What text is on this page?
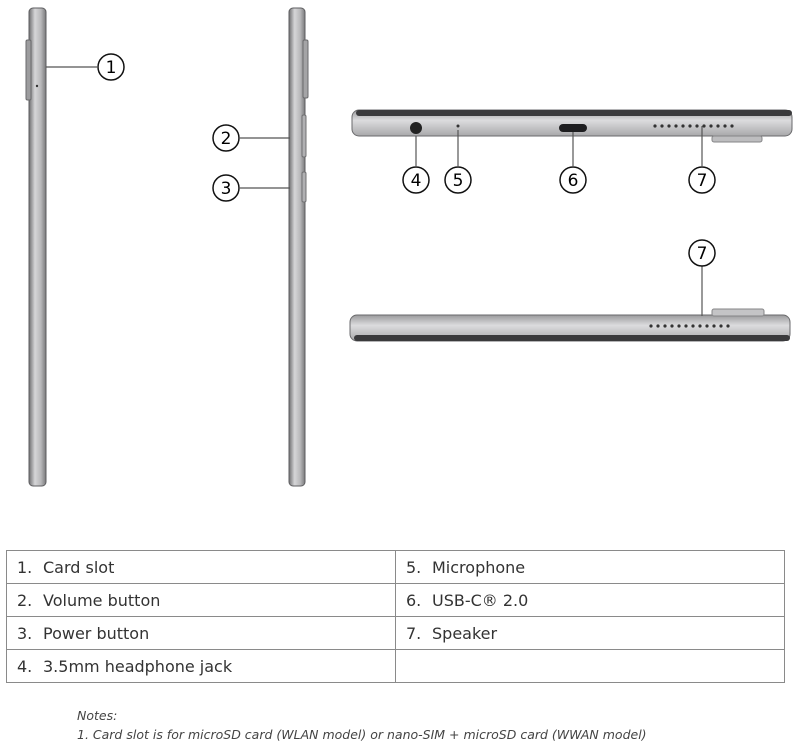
1
2
3	4 5	6	7
7
1. Card slot	5. Microphone
2. Volume button	6. USB-C® 2.0
3. Power button	7. Speaker
4. 3.5mm headphone jack	
Notes:
1. Card slot is for microSD card (WLAN model) or nano-SIM + microSD card (WWAN model)
